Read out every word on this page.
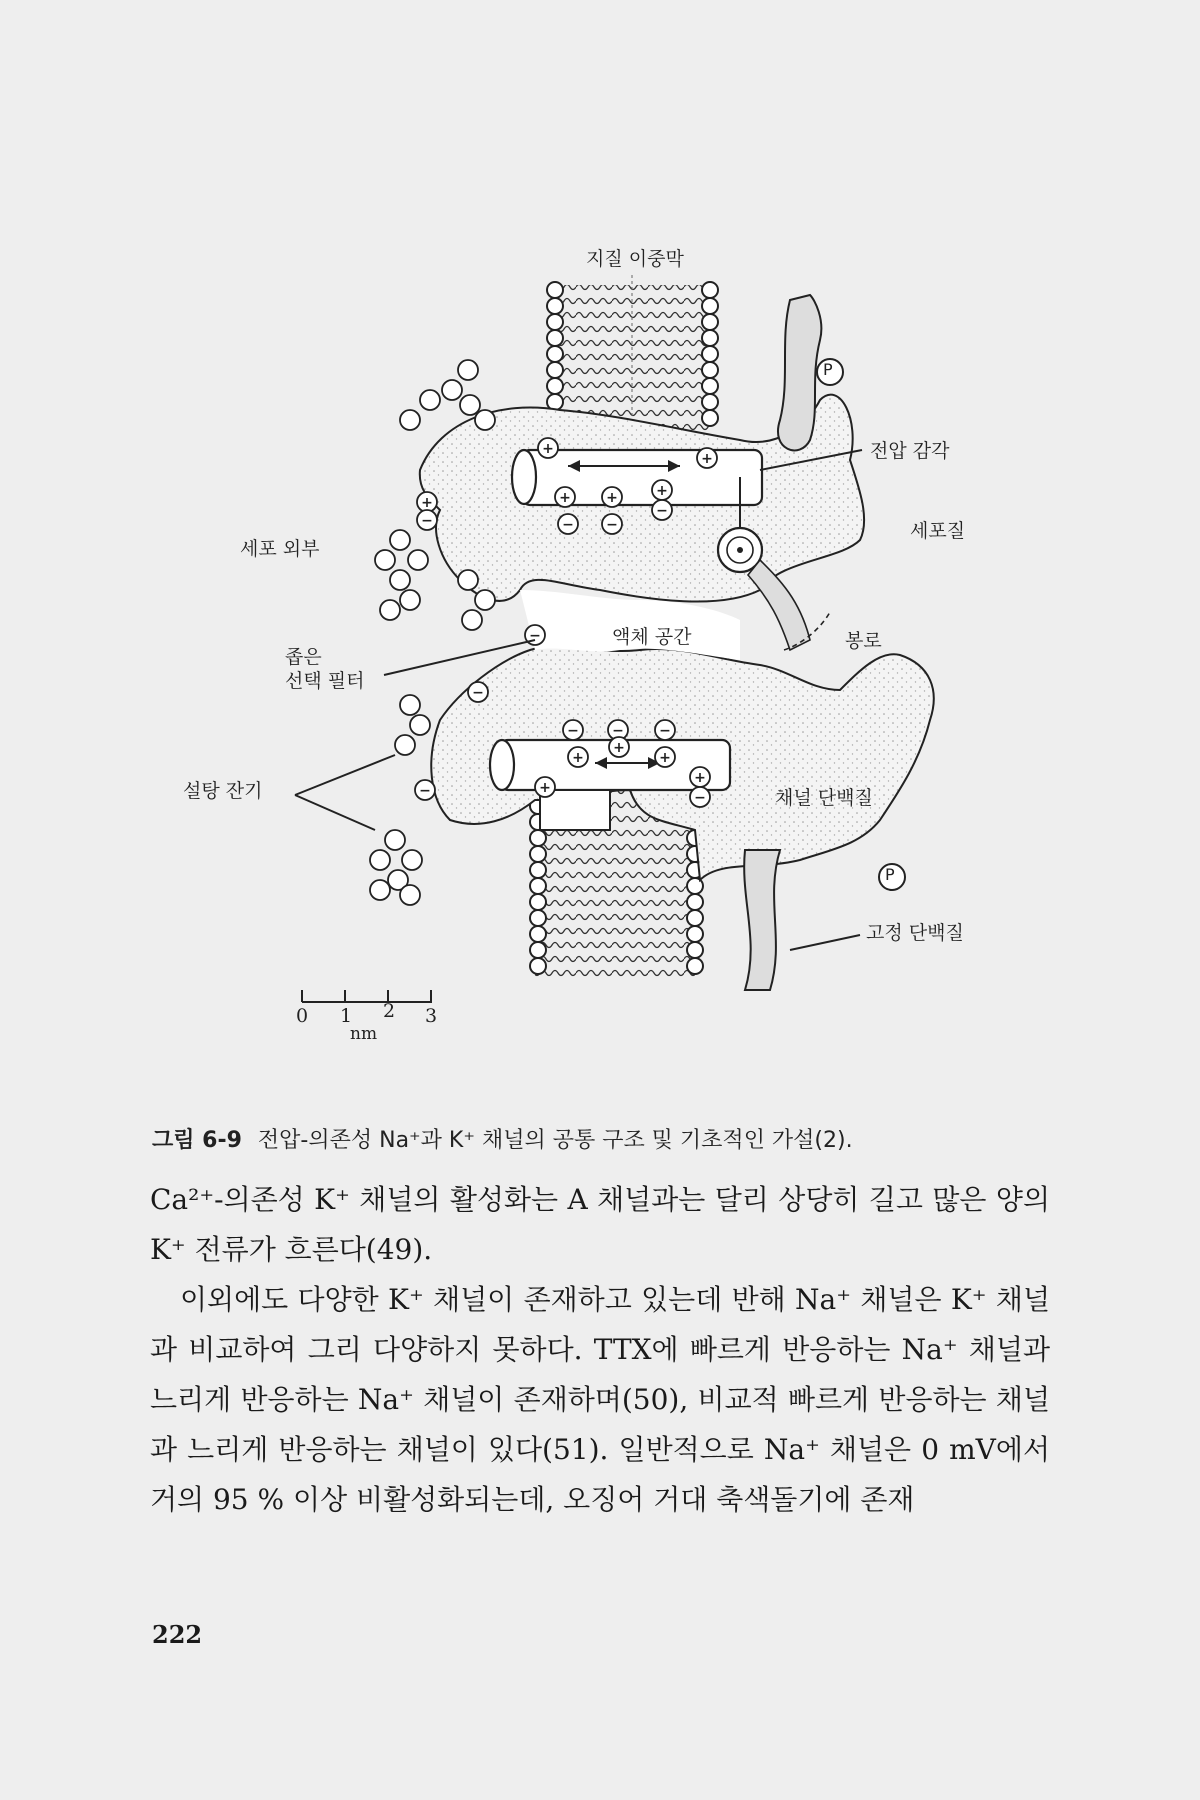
+
+
+	+	+
− −
−
− −	−
+
+
+
+
+
−
+
−
−
−
−
지질 이중막
세포 외부
전압 감각
세포질
액체 공간	봉로
좁은
선택 필터
설탕 잔기	채널 단백질
고정 단백질
P
P
0 1 2 3
nm
그림 6-9 전압-의존성 Na⁺과 K⁺ 채널의 공통 구조 및 기초적인 가설(2).

Ca²⁺-의존성 K⁺ 채널의 활성화는 A 채널과는 달리 상당히 길고 많은 양의 K⁺ 전류가 흐른다(49).

이외에도 다양한 K⁺ 채널이 존재하고 있는데 반해 Na⁺ 채널은 K⁺ 채널과 비교하여 그리 다양하지 못하다. TTX에 빠르게 반응하는 Na⁺ 채널과 느리게 반응하는 Na⁺ 채널이 존재하며(50), 비교적 빠르게 반응하는 채널과 느리게 반응하는 채널이 있다(51). 일반적으로 Na⁺ 채널은 0 mV에서 거의 95 % 이상 비활성화되는데, 오징어 거대 축색돌기에 존재

222
